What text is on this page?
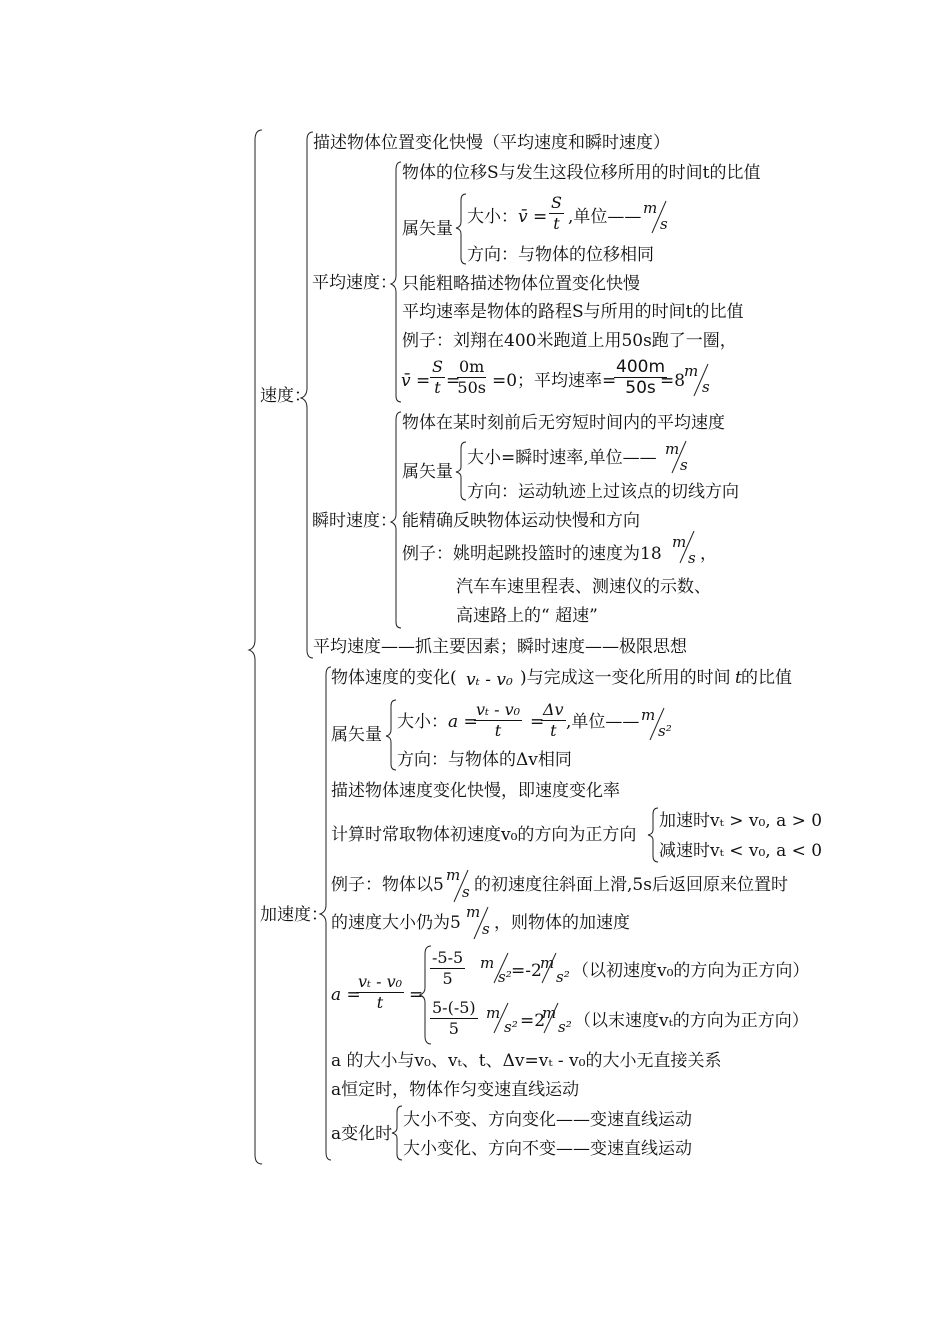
速度：
描述物体位置变化快慢（平均速度和瞬时速度）
平均速度：
物体的位移S与发生这段位移所用的时间t的比值
属矢量
大小： v̄ = $\frac{S}{t}$ ,单位—— m
s
方向：与物体的位移相同
只能粗略描述物体位置变化快慢
平均速率是物体的路程S与所用的时间t的比值
例子：刘翔在400米跑道上用50s跑了一圈，
v̄ = $\frac{S}{t}$ =
$\frac{0m}{50s} =0$；平均速率=
$\frac{400m}{50s}$
=8
m
s
瞬时速度：
物体在某时刻前后无穷短时间内的平均速度
属矢量
大小=瞬时速率,单位—— m
s
方向：运动轨迹上过该点的切线方向
能精确反映物体运动快慢和方向
例子：姚明起跳投篮时的速度为18
m
s ，
汽车车速里程表、测速仪的示数、
高速路上的“ 超速”
平均速度——抓主要因素；瞬时速度——极限思想
加速度：
物体速度的变化( vₜ - v₀ )与完成这一变化所用的时间 t 的比值
属矢量
大小： a =
$\frac{\text{vₜ - v₀}}{t}$ =
$\frac{\Delta v}{t}$ ,单位—— m
s²
方向：与物体的Δv相同
描述物体速度变化快慢，即速度变化率
计算时常取物体初速度v₀的方向为正方向
加速时vₜ > v₀, a > 0
减速时vₜ < v₀, a < 0
例子：物体以5 m
s 的初速度往斜面上滑,5s后返回原来位置时
的速度大小仍为5
m
s ，则物体的加速度
a =
$\frac{\text{vₜ - v₀}}{t}$ =
$\frac{-5-5}{5}$ m
s² =-2
m
s² （以初速度v₀的方向为正方向）
$\frac{5-(-5)}{5}$ m
s² =2
m
s² （以末速度vₜ的方向为正方向）
a 的大小与v₀、vₜ、t、Δv=vₜ - v₀的大小无直接关系
a恒定时，物体作匀变速直线运动
a变化时
大小不变、方向变化——变速直线运动
大小变化、方向不变——变速直线运动
